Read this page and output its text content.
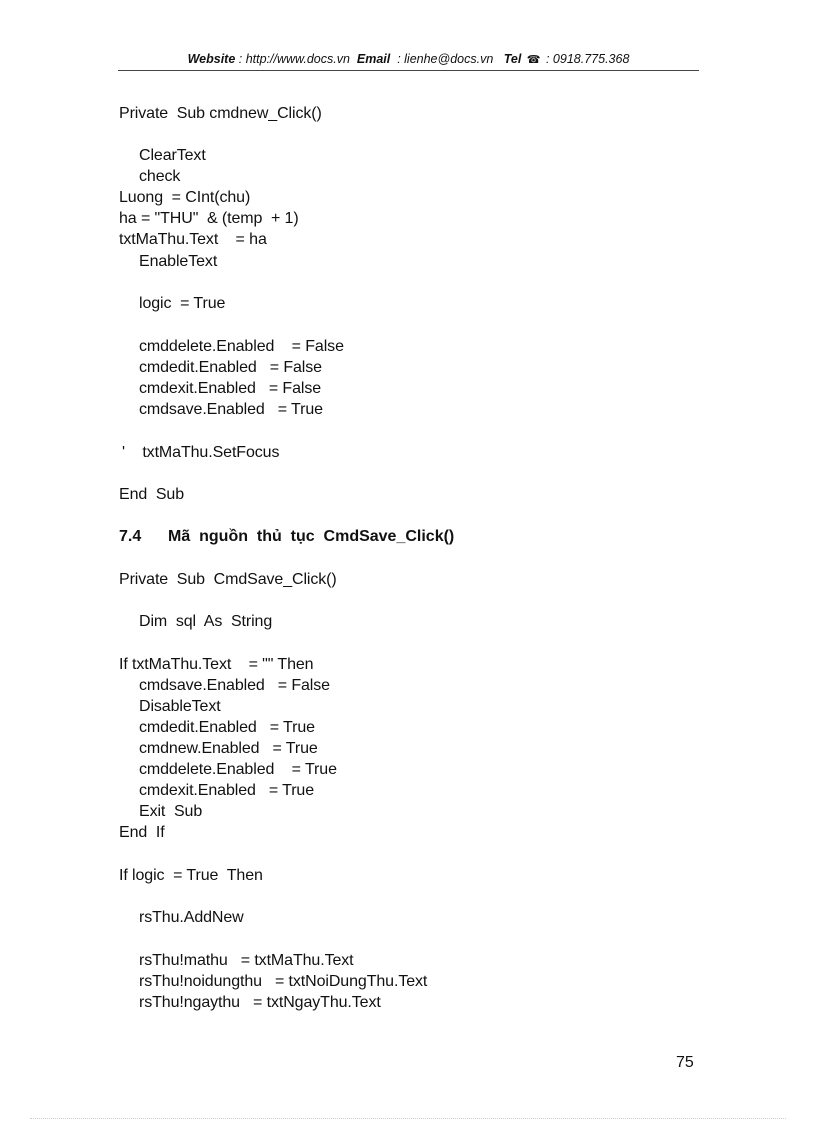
Website : http://www.docs.vn Email : lienhe@docs.vn Tel ☎ : 0918.775.368
Private  Sub cmdnew_Click()
ClearText
check
Luong  = CInt(chu)
ha = "THU"  & (temp  + 1)
txtMaThu.Text    = ha
EnableText
logic  = True
cmddelete.Enabled    = False
cmdedit.Enabled   = False
cmdexit.Enabled   = False
cmdsave.Enabled   = True
'    txtMaThu.SetFocus
End  Sub
7.4 Mã  nguồn  thủ  tục  CmdSave_Click()
Private  Sub  CmdSave_Click()
Dim  sql  As  String
If txtMaThu.Text    = "" Then
cmdsave.Enabled   = False
DisableText
cmdedit.Enabled   = True
cmdnew.Enabled   = True
cmddelete.Enabled    = True
cmdexit.Enabled   = True
Exit  Sub
End  If
If logic  = True  Then
rsThu.AddNew
rsThu!mathu   = txtMaThu.Text
rsThu!noidungthu   = txtNoiDungThu.Text
rsThu!ngaythu   = txtNgayThu.Text
75
